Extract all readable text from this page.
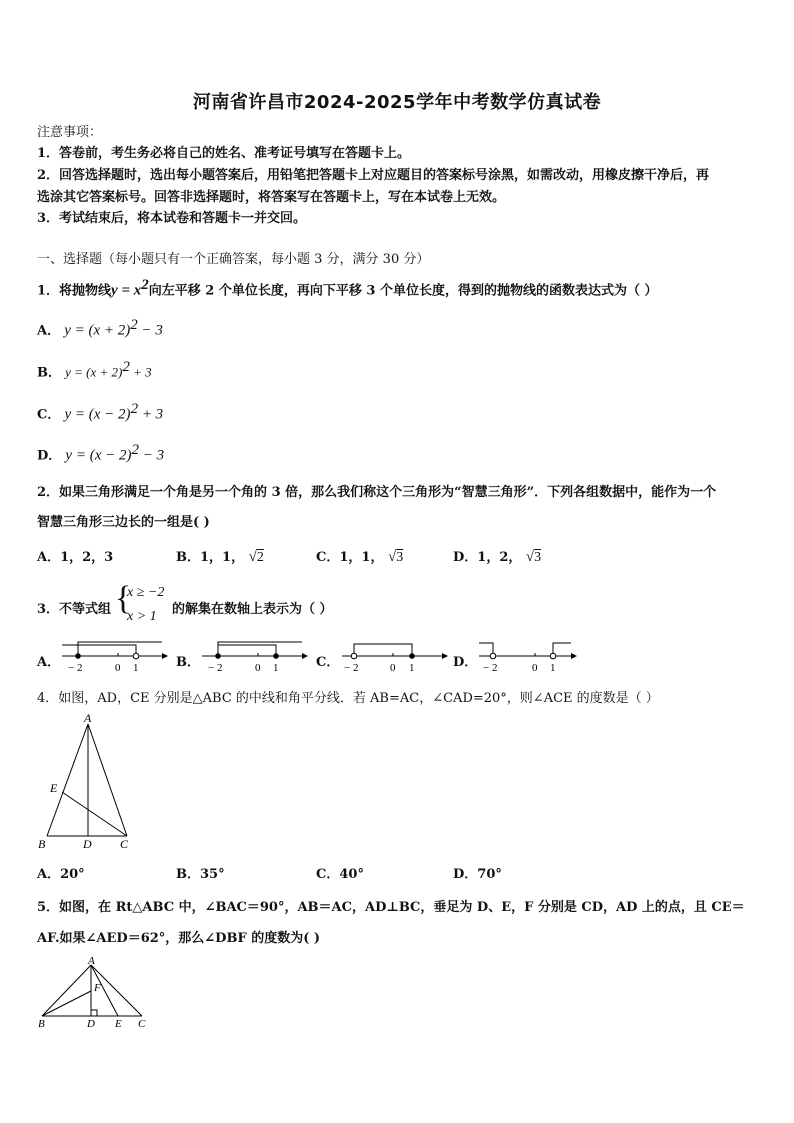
河南省许昌市2024-2025学年中考数学仿真试卷
注意事项：
1．答卷前，考生务必将自己的姓名、准考证号填写在答题卡上。
2．回答选择题时，选出每小题答案后，用铅笔把答题卡上对应题目的答案标号涂黑，如需改动，用橡皮擦干净后，再
选涂其它答案标号。回答非选择题时，将答案写在答题卡上，写在本试卷上无效。
3．考试结束后，将本试卷和答题卡一并交回。
一、选择题（每小题只有一个正确答案，每小题 3 分，满分 30 分）
1．将抛物线$y = x^2$向左平移 2 个单位长度，再向下平移 3 个单位长度，得到的抛物线的函数表达式为（ ）
A． $y = (x + 2)^2 - 3$
B． $y = (x + 2)^2 + 3$
C． $y = (x - 2)^2 + 3$
D． $y = (x - 2)^2 - 3$
2．如果三角形满足一个角是另一个角的 3 倍，那么我们称这个三角形为“智慧三角形”．下列各组数据中，能作为一个
智慧三角形三边长的一组是( )
A．1，2，3	B．1，1， √2	C．1，1， √3	D．1，2， √3
3．不等式组 {
x ≥ −2
x > 1 的解集在数轴上表示为（ ）
A．	B．	C．	D．
− 2	0 1	− 2	0 1	− 2	0 1	− 2	0 1
4．如图，AD，CE 分别是△ABC 的中线和角平分线．若 AB=AC，∠CAD=20°，则∠ACE 的度数是（ ）
A
E
B	D C
A．20°	B．35°	C．40°	D．70°
5．如图，在 Rt△ABC 中，∠BAC＝90°，AB＝AC，AD⊥BC，垂足为 D、E，F 分别是 CD，AD 上的点，且 CE＝
AF.如果∠AED＝62°，那么∠DBF 的度数为( )
A
F
B	D E C
